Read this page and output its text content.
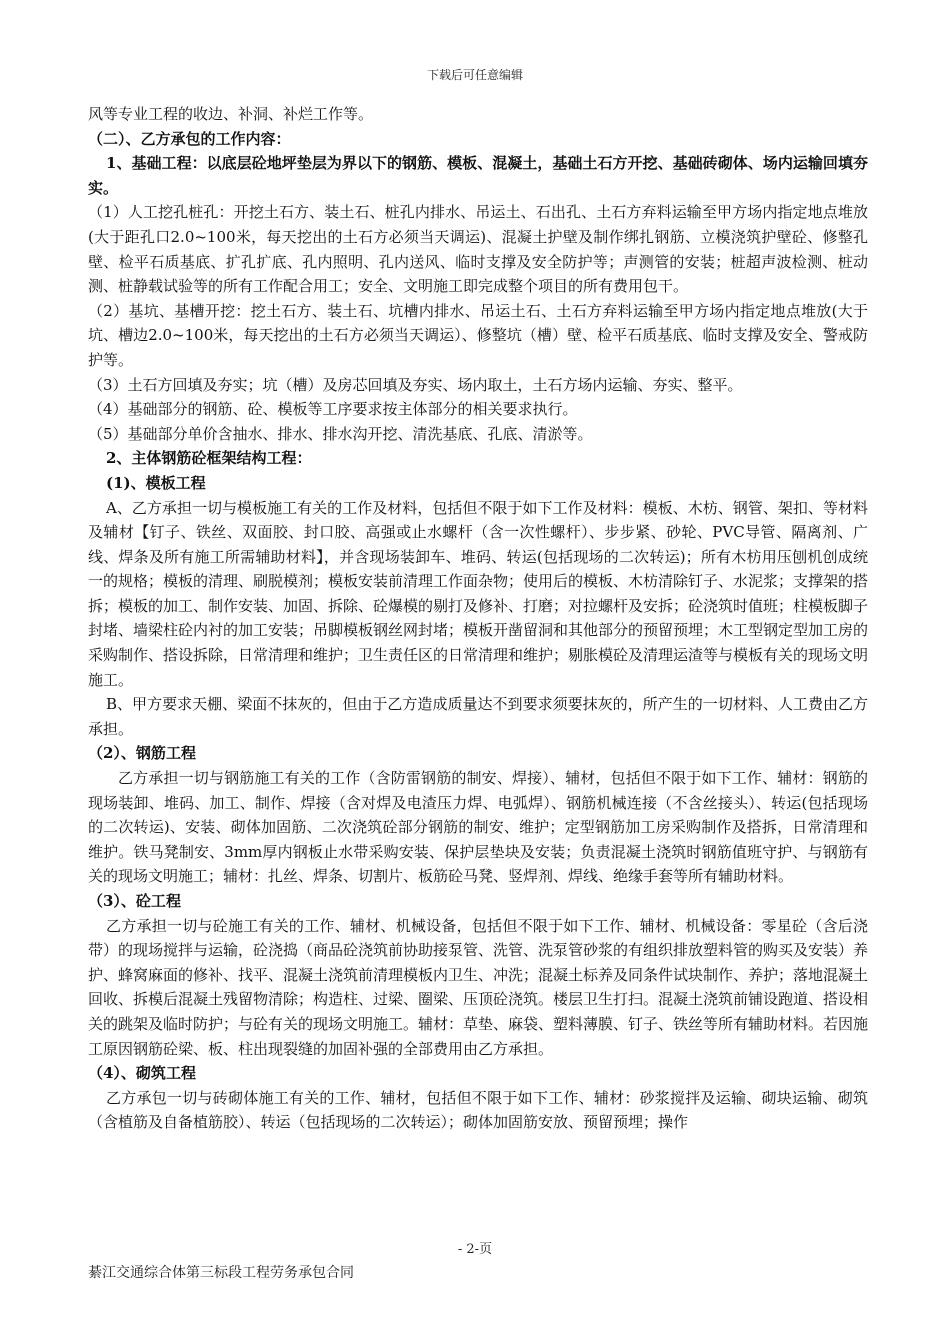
下载后可任意编辑

风等专业工程的收边、补洞、补烂工作等。

（二）、乙方承包的工作内容：

1、基础工程：以底层砼地坪垫层为界以下的钢筋、模板、混凝土，基础土石方开挖、基础砖砌体、场内运输回填夯实。

（1）人工挖孔桩孔：开挖土石方、装土石、桩孔内排水、吊运土、石出孔、土石方弃料运输至甲方场内指定地点堆放(大于距孔口2.0~100米，每天挖出的土石方必须当天调运)、混凝土护壁及制作绑扎钢筋、立模浇筑护壁砼、修整孔壁、检平石质基底、扩孔扩底、孔内照明、孔内送风、临时支撑及安全防护等；声测管的安装；桩超声波检测、桩动测、桩静载试验等的所有工作配合用工；安全、文明施工即完成整个项目的所有费用包干。

（2）基坑、基槽开挖：挖土石方、装土石、坑槽内排水、吊运土石、土石方弃料运输至甲方场内指定地点堆放(大于坑、槽边2.0~100米，每天挖出的土石方必须当天调运）、修整坑（槽）壁、检平石质基底、临时支撑及安全、警戒防护等。

（3）土石方回填及夯实；坑（槽）及房芯回填及夯实、场内取土，土石方场内运输、夯实、整平。

（4）基础部分的钢筋、砼、模板等工序要求按主体部分的相关要求执行。

（5）基础部分单价含抽水、排水、排水沟开挖、清洗基底、孔底、清淤等。

2、主体钢筋砼框架结构工程：

(1)、模板工程

A、乙方承担一切与模板施工有关的工作及材料，包括但不限于如下工作及材料：模板、木枋、钢管、架扣、等材料及辅材【钉子、铁丝、双面胶、封口胶、高强或止水螺杆（含一次性螺杆）、步步紧、砂轮、PVC导管、隔离剂、广线、焊条及所有施工所需辅助材料】，并含现场装卸车、堆码、转运(包括现场的二次转运)；所有木枋用压刨机创成统一的规格；模板的清理、刷脱模剂；模板安装前清理工作面杂物；使用后的模板、木枋清除钉子、水泥浆；支撑架的搭拆；模板的加工、制作安装、加固、拆除、砼爆模的剔打及修补、打磨；对拉螺杆及安拆；砼浇筑时值班；柱模板脚子封堵、墙梁柱砼内衬的加工安装；吊脚模板钢丝网封堵；模板开凿留洞和其他部分的预留预埋；木工型钢定型加工房的采购制作、搭设拆除，日常清理和维护；卫生责任区的日常清理和维护；剔胀模砼及清理运渣等与模板有关的现场文明施工。

B、甲方要求天棚、梁面不抹灰的，但由于乙方造成质量达不到要求须要抹灰的，所产生的一切材料、人工费由乙方承担。

（2）、钢筋工程

乙方承担一切与钢筋施工有关的工作（含防雷钢筋的制安、焊接）、辅材，包括但不限于如下工作、辅材：钢筋的现场装卸、堆码、加工、制作、焊接（含对焊及电渣压力焊、电弧焊）、钢筋机械连接（不含丝接头）、转运(包括现场的二次转运)、安装、砌体加固筋、二次浇筑砼部分钢筋的制安、维护；定型钢筋加工房采购制作及搭拆，日常清理和维护。铁马凳制安、3mm厚内钢板止水带采购安装、保护层垫块及安装；负责混凝土浇筑时钢筋值班守护、与钢筋有关的现场文明施工；辅材：扎丝、焊条、切割片、板筋砼马凳、竖焊剂、焊线、绝缘手套等所有辅助材料。

（3）、砼工程

乙方承担一切与砼施工有关的工作、辅材、机械设备，包括但不限于如下工作、辅材、机械设备：零星砼（含后浇带）的现场搅拌与运输，砼浇捣（商品砼浇筑前协助接泵管、洗管、洗泵管砂浆的有组织排放塑料管的购买及安装）养护、蜂窝麻面的修补、找平、混凝土浇筑前清理模板内卫生、冲洗；混凝土标养及同条件试块制作、养护；落地混凝土回收、拆模后混凝土残留物清除；构造柱、过梁、圈梁、压顶砼浇筑。楼层卫生打扫。混凝土浇筑前铺设跑道、搭设相关的跳架及临时防护；与砼有关的现场文明施工。辅材：草垫、麻袋、塑料薄膜、钉子、铁丝等所有辅助材料。若因施工原因钢筋砼梁、板、柱出现裂缝的加固补强的全部费用由乙方承担。

（4）、砌筑工程

乙方承包一切与砖砌体施工有关的工作、辅材，包括但不限于如下工作、辅材：砂浆搅拌及运输、砌块运输、砌筑（含植筋及自备植筋胶）、转运（包括现场的二次转运）；砌体加固筋安放、预留预埋；操作

- 2-页
綦江交通综合体第三标段工程劳务承包合同
